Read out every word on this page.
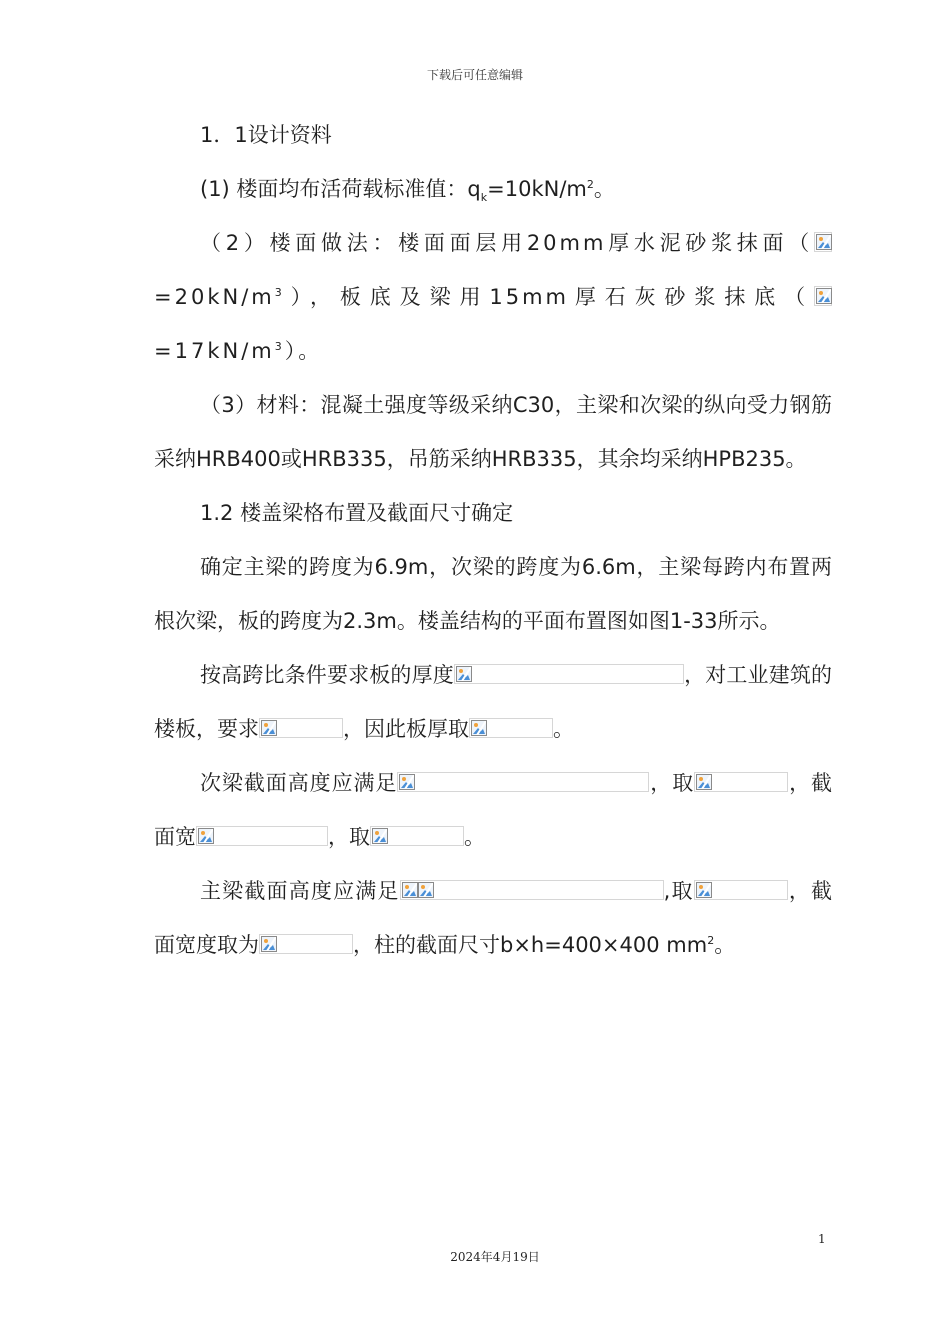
下载后可任意编辑

1．1设计资料

(1) 楼面均布活荷载标准值：$q_k=10kN/m^2$。

（2）楼面做法：楼面面层用20mm厚水泥砂浆抹面（
$=20kN/m^3$），板底及梁用15mm厚石灰砂浆抹底（
$=17kN/m^3$）。

（3）材料：混凝土强度等级采纳C30，主梁和次梁的纵向受力钢筋采纳HRB400或HRB335，吊筋采纳HRB335，其余均采纳HPB235。

1.2 楼盖梁格布置及截面尺寸确定

确定主梁的跨度为6.9m，次梁的跨度为6.6m，主梁每跨内布置两根次梁，板的跨度为2.3m。楼盖结构的平面布置图如图1-33所示。

按高跨比条件要求板的厚度	，对工业建筑的楼板，要求	，因此板厚取	。

次梁截面高度应满足	，取	，截面宽	，取	。

主梁截面高度应满足	,取	，截面宽度取为	，柱的截面尺寸b×h=400×400 $mm^2$。

1
2024年4月19日
